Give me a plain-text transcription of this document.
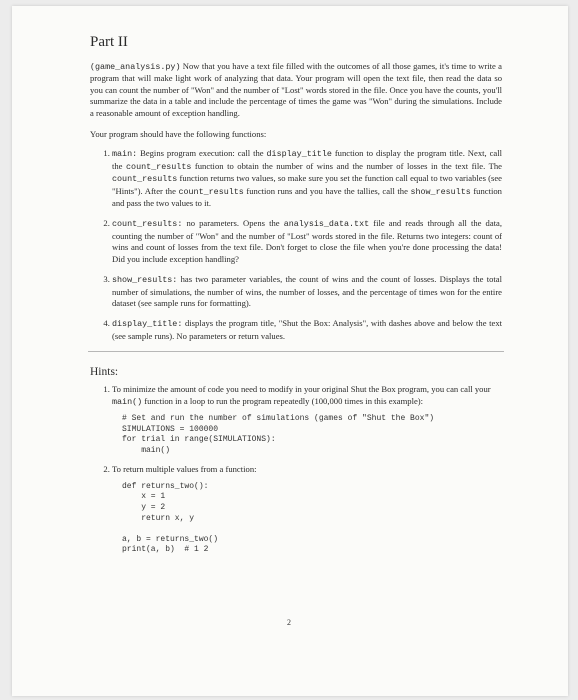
Part II

(game_analysis.py) Now that you have a text file filled with the outcomes of all those games, it's time to write a program that will make light work of analyzing that data. Your program will open the text file, then read the data so you can count the number of "Won" and the number of "Lost" words stored in the file. Once you have the counts, you'll summarize the data in a table and include the percentage of times the game was "Won" during the simulations. Include a reasonable amount of exception handling.

Your program should have the following functions:

1. main: Begins program execution: call the display_title function to display the program title. Next, call the count_results function to obtain the number of wins and the number of losses in the text file. The count_results function returns two values, so make sure you set the function call equal to two variables (see "Hints"). After the count_results function runs and you have the tallies, call the show_results function and pass the two values to it.
2. count_results: no parameters. Opens the analysis_data.txt file and reads through all the data, counting the number of "Won" and the number of "Lost" words stored in the file. Returns two integers: count of wins and count of losses from the text file. Don't forget to close the file when you're done processing the data! Did you include exception handling?
3. show_results: has two parameter variables, the count of wins and the count of losses. Displays the total number of simulations, the number of wins, the number of losses, and the percentage of times won for the entire dataset (see sample runs for formatting).
4. display_title: displays the program title, "Shut the Box: Analysis", with dashes above and below the text (see sample runs). No parameters or return values.
Hints:
1. To minimize the amount of code you need to modify in your original Shut the Box program, you can call your main() function in a loop to run the program repeatedly (100,000 times in this example):
# Set and run the number of simulations (games of "Shut the Box")
SIMULATIONS = 100000
for trial in range(SIMULATIONS):
main()
2. To return multiple values from a function:
def returns_two():
x = 1
y = 2
return x, y

a, b = returns_two()
print(a, b)  # 1 2
2
